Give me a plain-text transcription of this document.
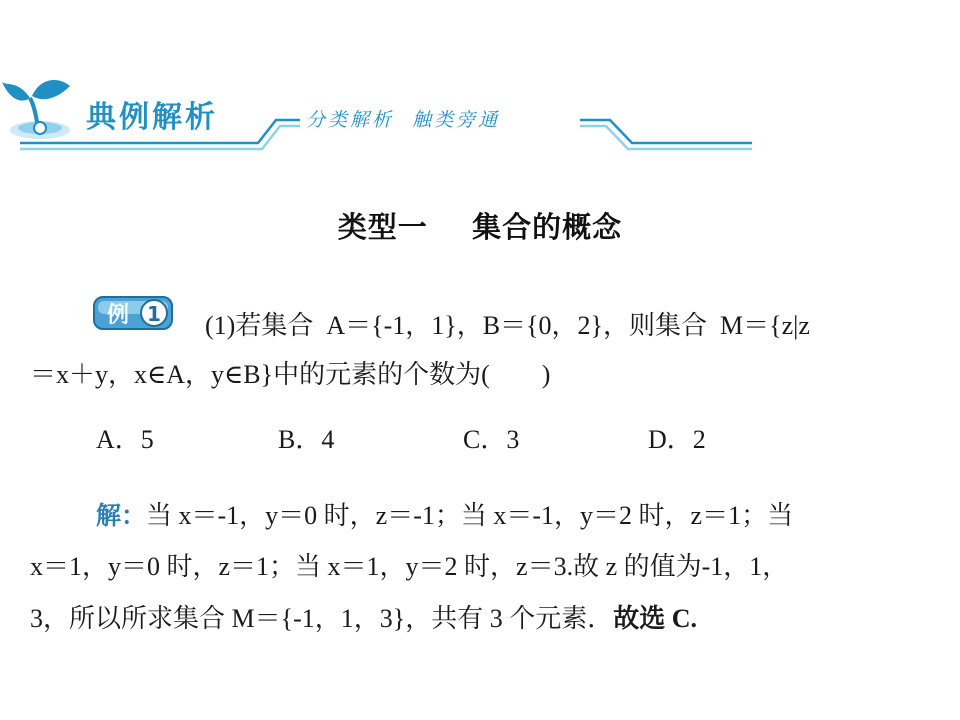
典例解析	分类解析  触类旁通
类型一    集合的概念
例 1 (1)若集合  A＝{-1，1}，B＝{0，2}，则集合  M＝{z|z
＝x＋y，x∈A，y∈B}中的元素的个数为(        )
A．5	B．4	C．3	D．2
解：当 x＝-1，y＝0 时，z＝-1；当 x＝-1，y＝2 时，z＝1；当
x＝1，y＝0 时，z＝1；当 x＝1，y＝2 时，z＝3.故 z 的值为-1，1，
3，所以所求集合 M＝{-1，1，3}，共有 3 个元素．故选 C.
